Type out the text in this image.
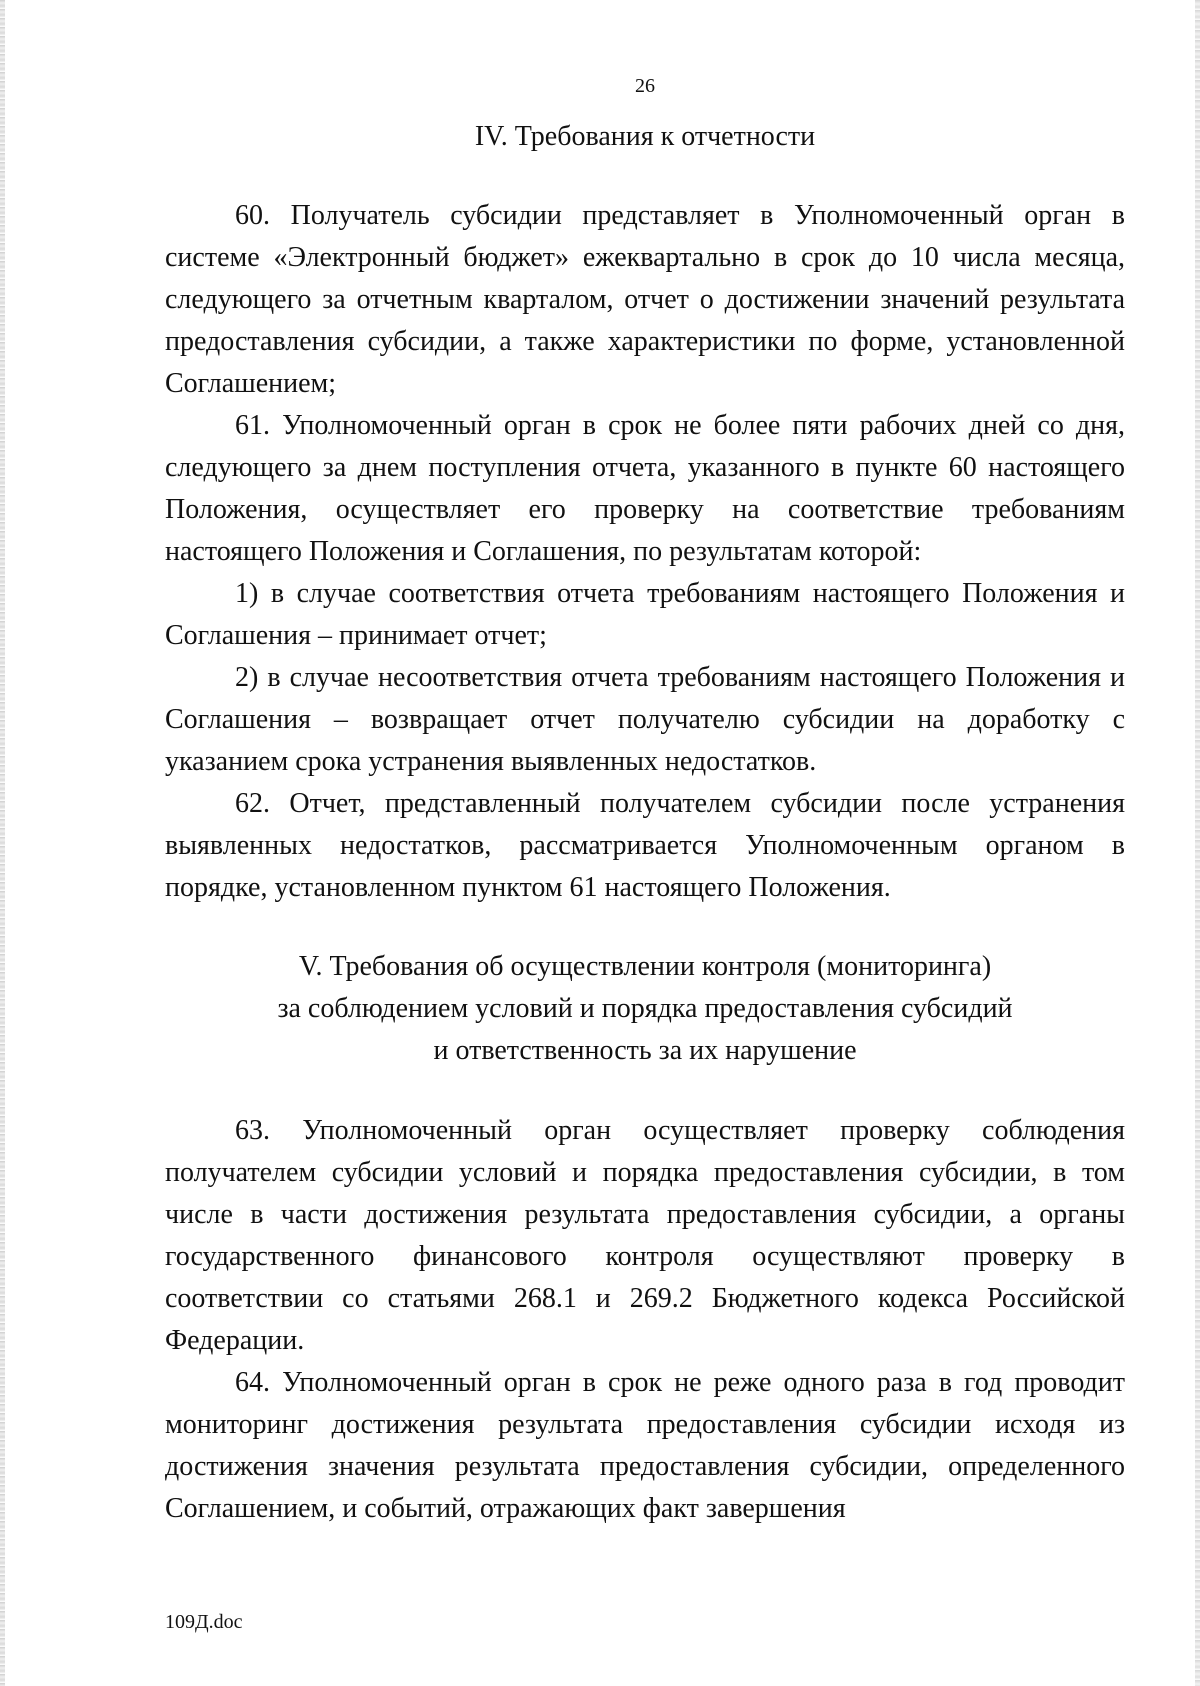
26

IV. Требования к отчетности

60. Получатель субсидии представляет в Уполномоченный орган в системе «Электронный бюджет» ежеквартально в срок до 10 числа месяца, следующего за отчетным кварталом, отчет о достижении значений результата предоставления субсидии, а также характеристики по форме, установленной Соглашением;

61. Уполномоченный орган в срок не более пяти рабочих дней со дня, следующего за днем поступления отчета, указанного в пункте 60 настоящего Положения, осуществляет его проверку на соответствие требованиям настоящего Положения и Соглашения, по результатам которой:

1) в случае соответствия отчета требованиям настоящего Положения и Соглашения – принимает отчет;

2) в случае несоответствия отчета требованиям настоящего Положения и Соглашения – возвращает отчет получателю субсидии на доработку с указанием срока устранения выявленных недостатков.

62. Отчет, представленный получателем субсидии после устранения выявленных недостатков, рассматривается Уполномоченным органом в порядке, установленном пунктом 61 настоящего Положения.

V. Требования об осуществлении контроля (мониторинга)
за соблюдением условий и порядка предоставления субсидий
и ответственность за их нарушение

63. Уполномоченный орган осуществляет проверку соблюдения получателем субсидии условий и порядка предоставления субсидии, в том числе в части достижения результата предоставления субсидии, а органы государственного финансового контроля осуществляют проверку в соответствии со статьями 268.1 и 269.2 Бюджетного кодекса Российской Федерации.

64. Уполномоченный орган в срок не реже одного раза в год проводит мониторинг достижения результата предоставления субсидии исходя из достижения значения результата предоставления субсидии, определенного Соглашением, и событий, отражающих факт завершения

109Д.doc
